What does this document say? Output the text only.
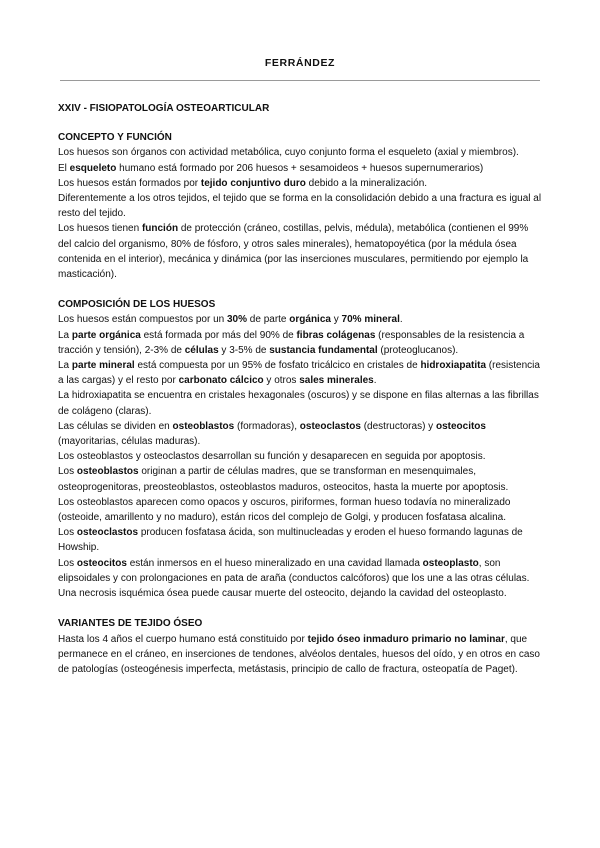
FERRÁNDEZ
XXIV - FISIOPATOLOGÍA OSTEOARTICULAR
CONCEPTO Y FUNCIÓN

Los huesos son órganos con actividad metabólica, cuyo conjunto forma el esqueleto (axial y miembros).

El esqueleto humano está formado por 206 huesos + sesamoideos + huesos supernumerarios)

Los huesos están formados por tejido conjuntivo duro debido a la mineralización.

Diferentemente a los otros tejidos, el tejido que se forma en la consolidación debido a una fractura es igual al resto del tejido.

Los huesos tienen función de protección (cráneo, costillas, pelvis, médula), metabólica (contienen el 99% del calcio del organismo, 80% de fósforo, y otros sales minerales), hematopoyética (por la médula ósea contenida en el interior), mecánica y dinámica (por las inserciones musculares, permitiendo por ejemplo la masticación).

COMPOSICIÓN DE LOS HUESOS

Los huesos están compuestos por un 30% de parte orgánica y 70% mineral.

La parte orgánica está formada por más del 90% de fibras colágenas (responsables de la resistencia a tracción y tensión), 2-3% de células y 3-5% de sustancia fundamental (proteoglucanos).

La parte mineral está compuesta por un 95% de fosfato tricálcico en cristales de hidroxiapatita (resistencia a las cargas) y el resto por carbonato cálcico y otros sales minerales.

La hidroxiapatita se encuentra en cristales hexagonales (oscuros) y se dispone en filas alternas a las fibrillas de colágeno (claras).

Las células se dividen en osteoblastos (formadoras), osteoclastos (destructoras) y osteocitos (mayoritarias, células maduras).

Los osteoblastos y osteoclastos desarrollan su función y desaparecen en seguida por apoptosis.

Los osteoblastos originan a partir de células madres, que se transforman en mesenquimales, osteoprogenitoras, preosteoblastos, osteoblastos maduros, osteocitos, hasta la muerte por apoptosis.

Los osteoblastos aparecen como opacos y oscuros, piriformes, forman hueso todavía no mineralizado (osteoide, amarillento y no maduro), están ricos del complejo de Golgi, y producen fosfatasa alcalina.

Los osteoclastos producen fosfatasa ácida, son multinucleadas y eroden el hueso formando lagunas de Howship.

Los osteocitos están inmersos en el hueso mineralizado en una cavidad llamada osteoplasto, son elipsoidales y con prolongaciones en pata de araña (conductos calcóforos) que los une a las otras células.

Una necrosis isquémica ósea puede causar muerte del osteocito, dejando la cavidad del osteoplasto.

VARIANTES DE TEJIDO ÓSEO

Hasta los 4 años el cuerpo humano está constituido por tejido óseo inmaduro primario no laminar, que permanece en el cráneo, en inserciones de tendones, alvéolos dentales, huesos del oído, y en otros en caso de patologías (osteogénesis imperfecta, metástasis, principio de callo de fractura, osteopatía de Paget).
